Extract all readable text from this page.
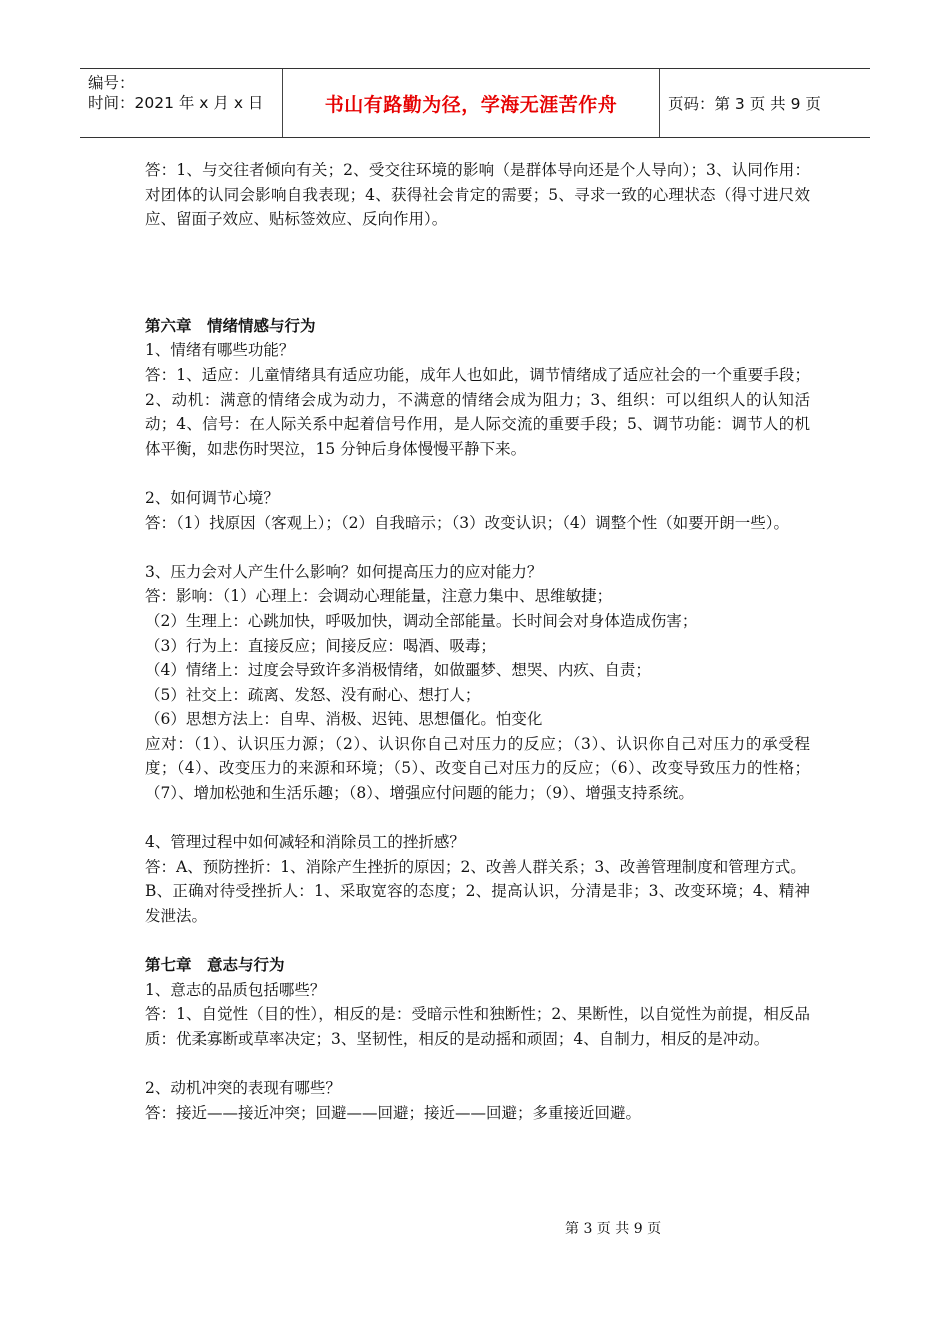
编号：
时间：2021 年 x 月 x 日	书山有路勤为径，学海无涯苦作舟	页码：第 3 页 共 9 页

答：1、与交往者倾向有关；2、受交往环境的影响（是群体导向还是个人导向）；3、认同作用：对团体的认同会影响自我表现；4、获得社会肯定的需要；5、寻求一致的心理状态（得寸进尺效应、留面子效应、贴标签效应、反向作用）。

第六章　情绪情感与行为

1、情绪有哪些功能？

答：1、适应：儿童情绪具有适应功能，成年人也如此，调节情绪成了适应社会的一个重要手段；2、动机：满意的情绪会成为动力，不满意的情绪会成为阻力；3、组织：可以组织人的认知活动；4、信号：在人际关系中起着信号作用，是人际交流的重要手段；5、调节功能：调节人的机体平衡，如悲伤时哭泣，15 分钟后身体慢慢平静下来。

2、如何调节心境？

答：（1）找原因（客观上）；（2）自我暗示；（3）改变认识；（4）调整个性（如要开朗一些）。

3、压力会对人产生什么影响？如何提高压力的应对能力？

答：影响：（1）心理上：会调动心理能量，注意力集中、思维敏捷；

（2）生理上：心跳加快，呼吸加快，调动全部能量。长时间会对身体造成伤害；

（3）行为上：直接反应；间接反应：喝酒、吸毒；

（4）情绪上：过度会导致许多消极情绪，如做噩梦、想哭、内疚、自责；

（5）社交上：疏离、发怒、没有耐心、想打人；

（6）思想方法上：自卑、消极、迟钝、思想僵化。怕变化

应对：（1）、认识压力源；（2）、认识你自己对压力的反应；（3）、认识你自己对压力的承受程度；（4）、改变压力的来源和环境；（5）、改变自己对压力的反应；（6）、改变导致压力的性格；（7）、增加松弛和生活乐趣；（8）、增强应付问题的能力；（9）、增强支持系统。

4、管理过程中如何减轻和消除员工的挫折感？

答：A、预防挫折：1、消除产生挫折的原因；2、改善人群关系；3、改善管理制度和管理方式。

B、正确对待受挫折人：1、采取宽容的态度；2、提高认识，分清是非；3、改变环境；4、精神发泄法。

第七章　意志与行为

1、意志的品质包括哪些？

答：1、自觉性（目的性），相反的是：受暗示性和独断性；2、果断性，以自觉性为前提，相反品质：优柔寡断或草率决定；3、坚韧性，相反的是动摇和顽固；4、自制力，相反的是冲动。

2、动机冲突的表现有哪些？

答：接近——接近冲突；回避——回避；接近——回避；多重接近回避。

第 3 页 共 9 页
